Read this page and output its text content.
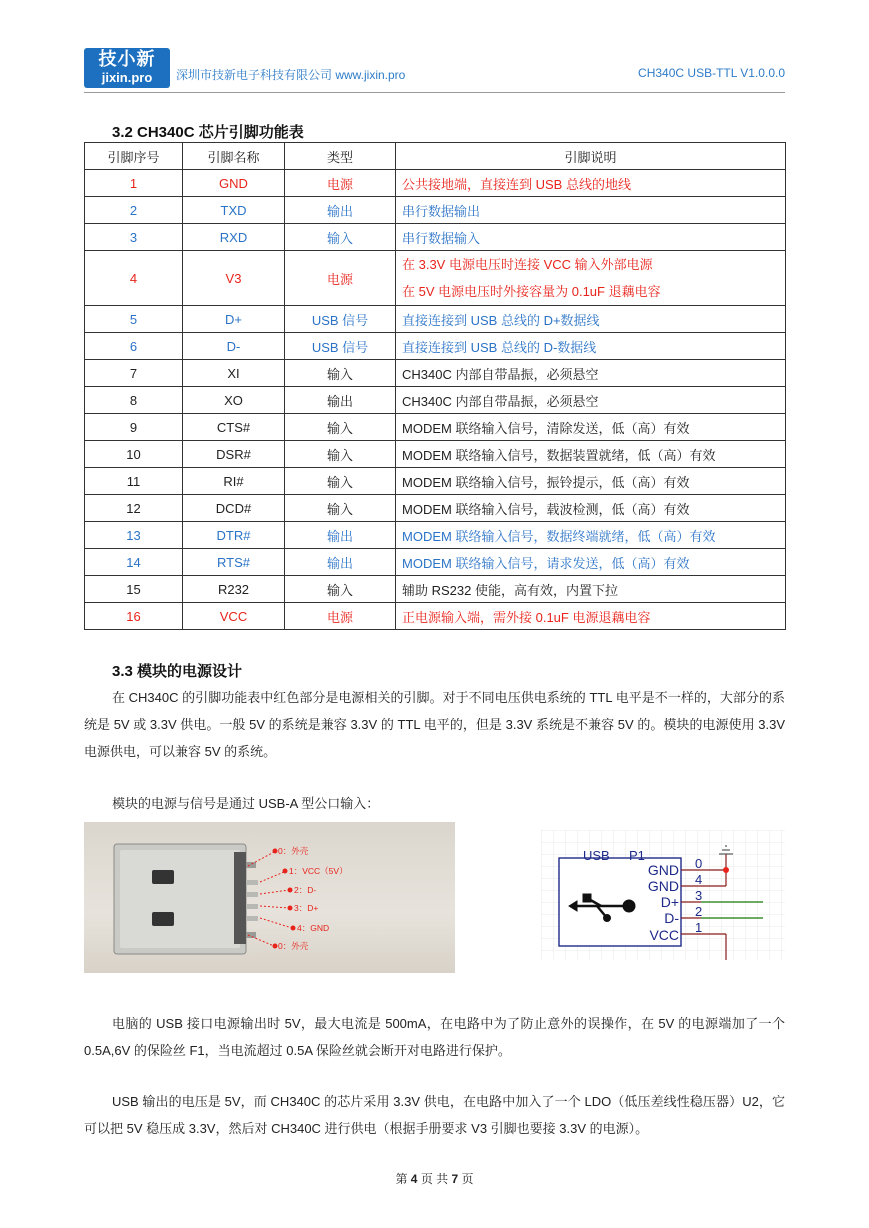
技小新
jixin.pro	深圳市技新电子科技有限公司 www.jixin.pro	CH340C USB-TTL V1.0.0.0
3.2 CH340C 芯片引脚功能表
引脚序号	引脚名称	类型	引脚说明
1	GND	电源	公共接地端，直接连到 USB 总线的地线
2	TXD	输出	串行数据输出
3	RXD	输入	串行数据输入
4	V3	电源	在 3.3V 电源电压时连接 VCC 输入外部电源
在 5V 电源电压时外接容量为 0.1uF 退藕电容

5	D+	USB 信号	直接连接到 USB 总线的 D+数据线
6	D-	USB 信号	直接连接到 USB 总线的 D-数据线
7	XI	输入	CH340C 内部自带晶振，必须悬空
8	XO	输出	CH340C 内部自带晶振，必须悬空
9	CTS#	输入	MODEM 联络输入信号，清除发送，低（高）有效
10	DSR#	输入	MODEM 联络输入信号，数据装置就绪，低（高）有效
11	RI#	输入	MODEM 联络输入信号，振铃提示，低（高）有效
12	DCD#	输入	MODEM 联络输入信号，载波检测，低（高）有效
13	DTR#	输出	MODEM 联络输入信号，数据终端就绪，低（高）有效
14	RTS#	输出	MODEM 联络输入信号，请求发送，低（高）有效
15	R232	输入	辅助 RS232 使能，高有效，内置下拉
16	VCC	电源	正电源输入端，需外接 0.1uF 电源退藕电容
3.3 模块的电源设计

在 CH340C 的引脚功能表中红色部分是电源相关的引脚。对于不同电压供电系统的 TTL 电平是不一样的，大部分的系统是 5V 或 3.3V 供电。一般 5V 的系统是兼容 3.3V 的 TTL 电平的，但是 3.3V 系统是不兼容 5V 的。模块的电源使用 3.3V 电源供电，可以兼容 5V 的系统。

模块的电源与信号是通过 USB-A 型公口输入：

0：外壳
1：VCC（5V）
2：D-
3：D+
4：GND
0：外壳
USB P1
GND
GND
D+
D-
VCC
0
4
3
2
1

电脑的 USB 接口电源输出时 5V，最大电流是 500mA，在电路中为了防止意外的误操作，在 5V 的电源端加了一个 0.5A,6V 的保险丝 F1，当电流超过 0.5A 保险丝就会断开对电路进行保护。

USB 输出的电压是 5V，而 CH340C 的芯片采用 3.3V 供电，在电路中加入了一个 LDO（低压差线性稳压器）U2，它可以把 5V 稳压成 3.3V，然后对 CH340C 进行供电（根据手册要求 V3 引脚也要接 3.3V 的电源）。

第 4 页 共 7 页
